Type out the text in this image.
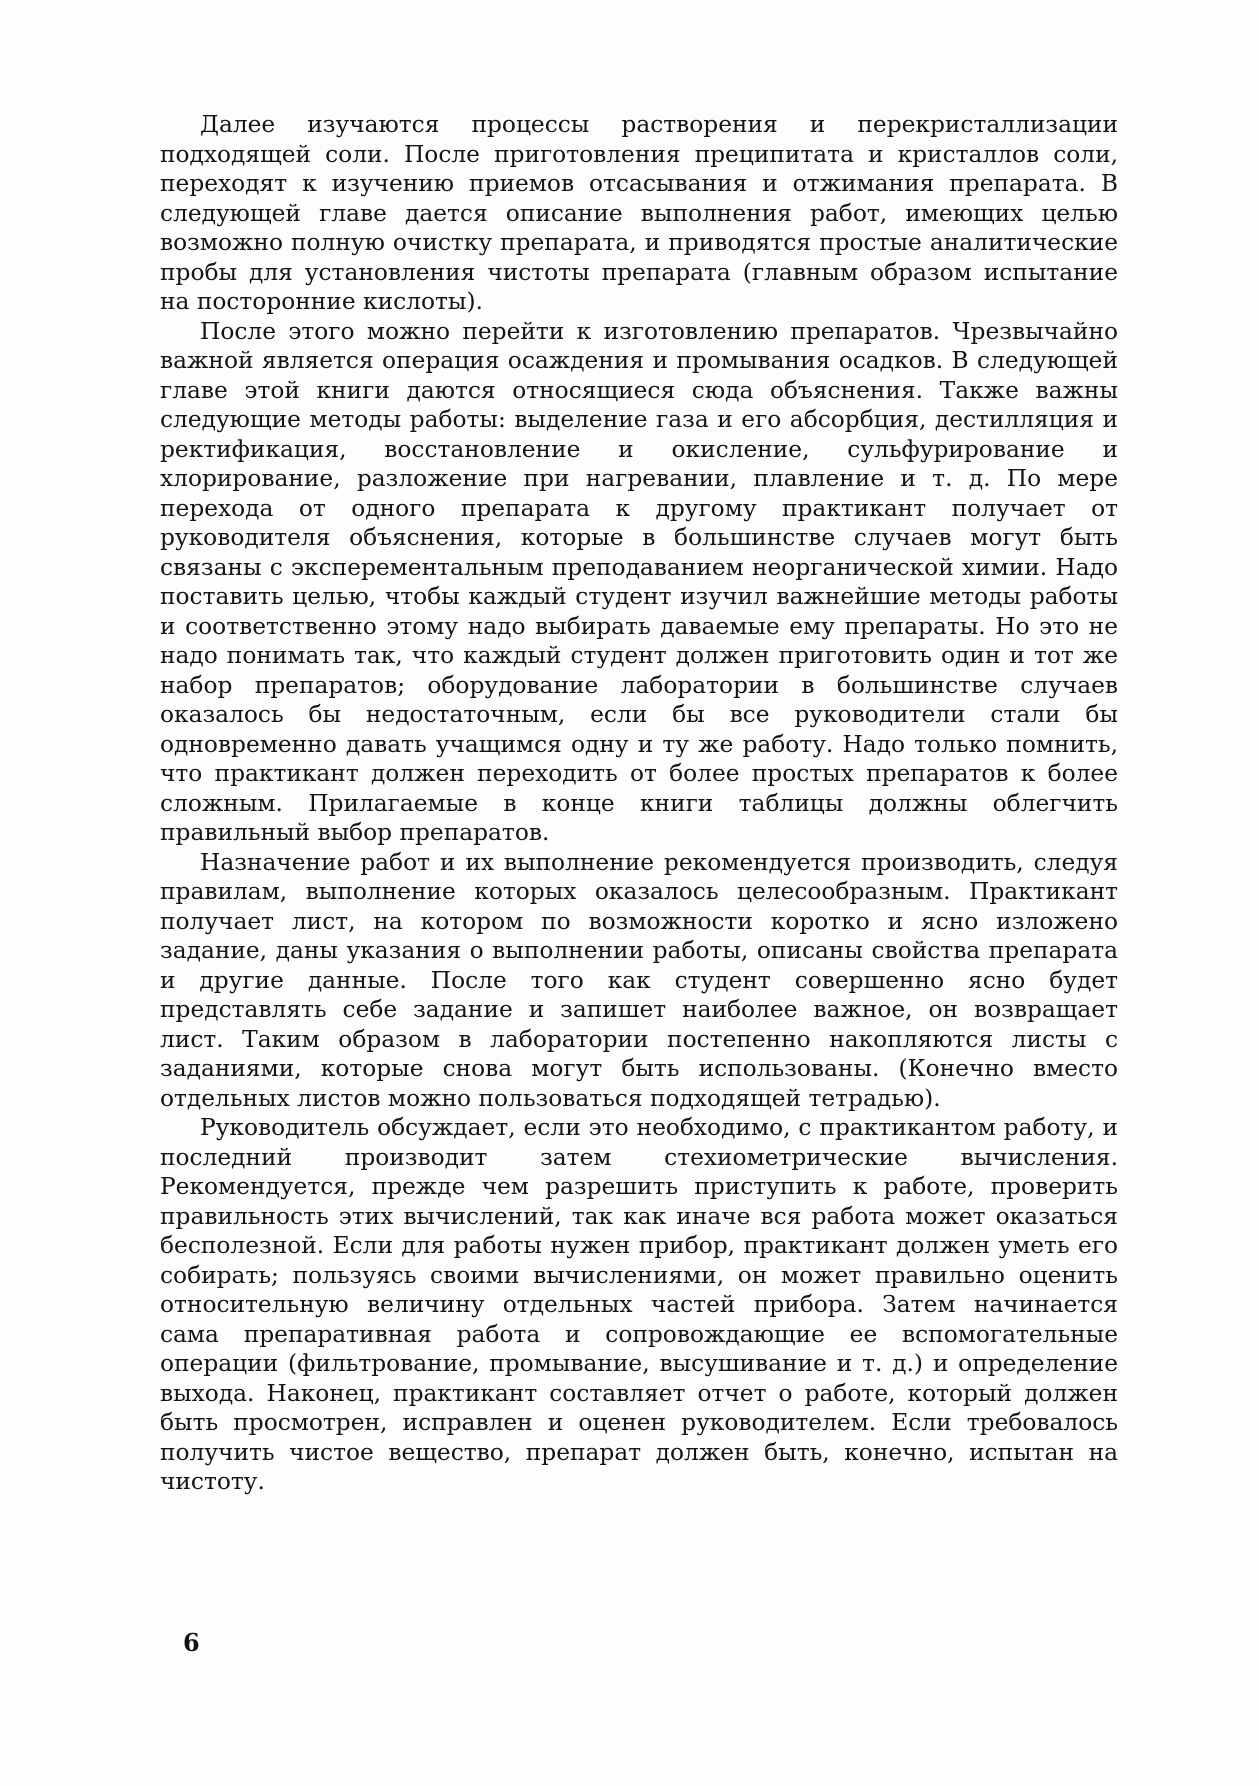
Далее изучаются процессы растворения и перекристаллизации подходящей соли. После приготовления преципитата и кристаллов соли, переходят к изучению приемов отсасывания и отжимания препарата. В следующей главе дается описание выполнения работ, имеющих целью возможно полную очистку препарата, и приводятся простые аналитические пробы для установления чистоты препарата (главным образом испытание на посторонние кислоты).

После этого можно перейти к изготовлению препаратов. Чрезвычайно важной является операция осаждения и промывания осадков. В следующей главе этой книги даются относящиеся сюда объяснения. Также важны следующие методы работы: выделение газа и его абсорбция, дестилляция и ректификация, восстановление и окисление, сульфурирование и хлорирование, разложение при нагревании, плавление и т. д. По мере перехода от одного препарата к другому практикант получает от руководителя объяснения, которые в большинстве случаев могут быть связаны с эксперементальным преподаванием неорганической химии. Надо поставить целью, чтобы каждый студент изучил важнейшие методы работы и соответственно этому надо выбирать даваемые ему препараты. Но это не надо понимать так, что каждый студент должен приготовить один и тот же набор препаратов; оборудование лаборатории в большинстве случаев оказалось бы недостаточным, если бы все руководители стали бы одновременно давать учащимся одну и ту же работу. Надо только помнить, что практикант должен переходить от более простых препаратов к более сложным. Прилагаемые в конце книги таблицы должны облегчить правильный выбор препаратов.

Назначение работ и их выполнение рекомендуется производить, следуя правилам, выполнение которых оказалось целесообразным. Практикант получает лист, на котором по возможности коротко и ясно изложено задание, даны указания о выполнении работы, описаны свойства препарата и другие данные. После того как студент совершенно ясно будет представлять себе задание и запишет наиболее важное, он возвращает лист. Таким образом в лаборатории постепенно накопляются листы с заданиями, которые снова могут быть использованы. (Конечно вместо отдельных листов можно пользоваться подходящей тетрадью).

Руководитель обсуждает, если это необходимо, с практикантом работу, и последний производит затем стехиометрические вычисления. Рекомендуется, прежде чем разрешить приступить к работе, проверить правильность этих вычислений, так как иначе вся работа может оказаться бесполезной. Если для работы нужен прибор, практикант должен уметь его собирать; пользуясь своими вычислениями, он может правильно оценить относительную величину отдельных частей прибора. Затем начинается сама препаративная работа и сопровождающие ее вспомогательные операции (фильтрование, промывание, высушивание и т. д.) и определение выхода. Наконец, практикант составляет отчет о работе, который должен быть просмотрен, исправлен и оценен руководителем. Если требовалось получить чистое вещество, препарат должен быть, конечно, испытан на чистоту.

6
